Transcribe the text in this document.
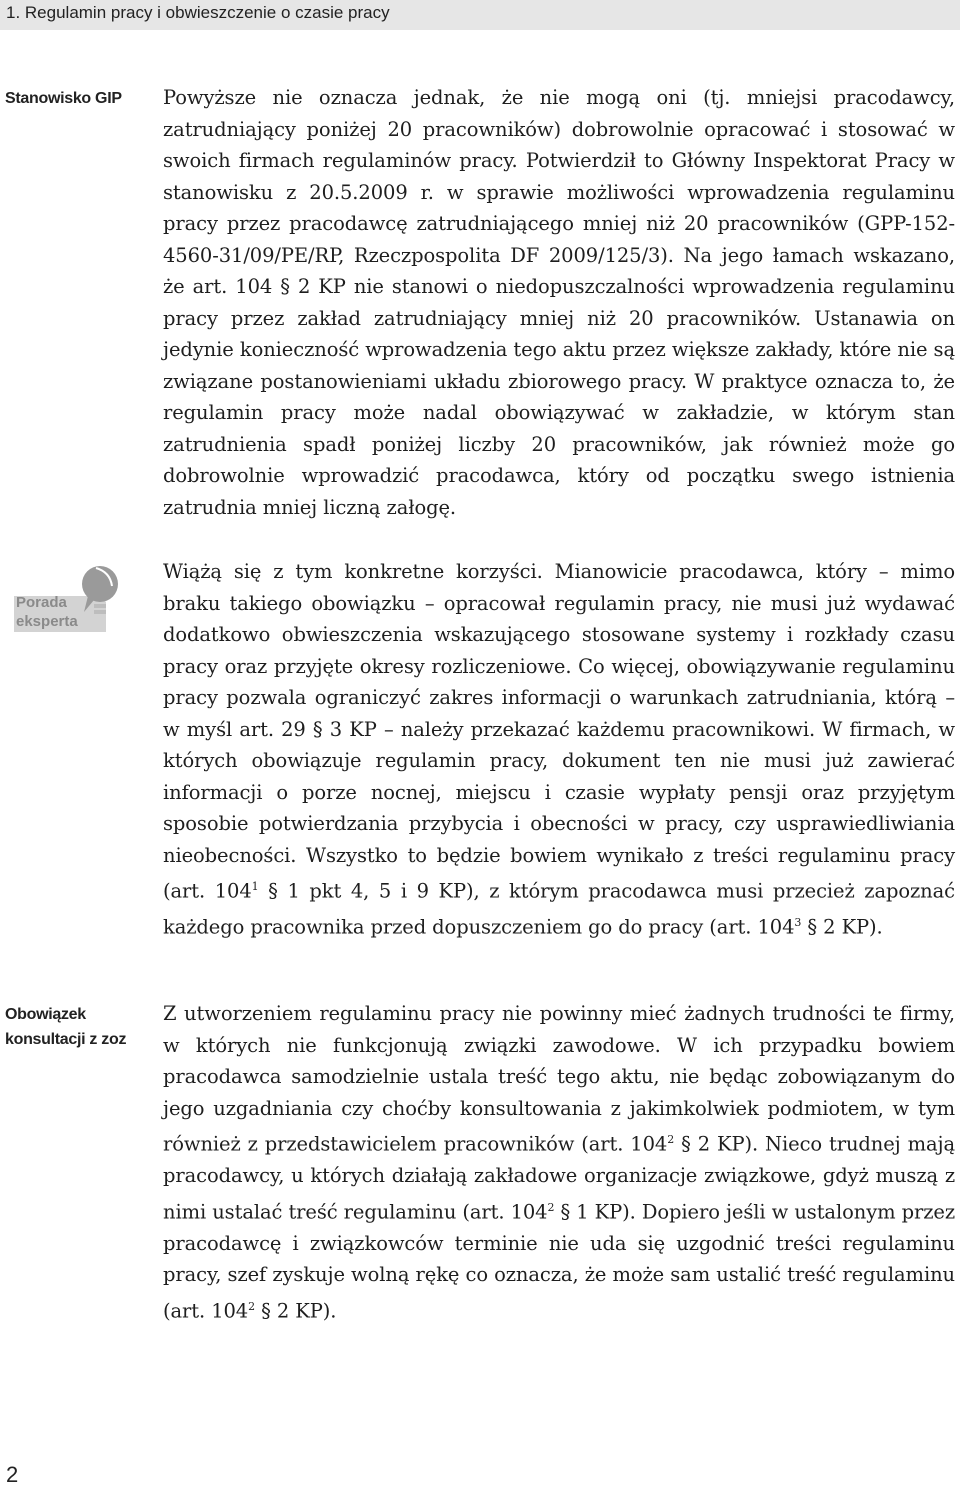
1. Regulamin pracy i obwieszczenie o czasie pracy
Stanowisko GIP
Porada
eksperta
Obowiązek
konsultacji z zoz

Powyższe nie oznacza jednak, że nie mogą oni (tj. mniejsi pracodawcy, zatrudniający poniżej 20 pracowników) dobrowolnie opracować i stosować w swoich firmach regulaminów pracy. Potwierdził to Główny Inspektorat Pracy w stanowisku z 20.5.2009 r. w sprawie możliwości wprowadzenia regulaminu pracy przez pracodawcę zatrudniającego mniej niż 20 pracowników (GPP-152-4560-31/09/PE/RP, Rzeczpospolita DF 2009/125/3). Na jego łamach wskazano, że art. 104 § 2 KP nie stanowi o niedopuszczalności wprowadzenia regulaminu pracy przez zakład zatrudniający mniej niż 20 pracowników. Ustanawia on jedynie konieczność wprowadzenia tego aktu przez większe zakłady, które nie są związane postanowieniami układu zbiorowego pracy. W praktyce oznacza to, że regulamin pracy może nadal obowiązywać w zakładzie, w którym stan zatrudnienia spadł poniżej liczby 20 pracowników, jak również może go dobrowolnie wprowadzić pracodawca, który od początku swego istnienia zatrudnia mniej liczną załogę.

Wiążą się z tym konkretne korzyści. Mianowicie pracodawca, który – mimo braku takiego obowiązku – opracował regulamin pracy, nie musi już wydawać dodatkowo obwieszczenia wskazującego stosowane systemy i rozkłady czasu pracy oraz przyjęte okresy rozliczeniowe. Co więcej, obowiązywanie regulaminu pracy pozwala ograniczyć zakres informacji o warunkach zatrudniania, którą – w myśl art. 29 § 3 KP – należy przekazać każdemu pracownikowi. W firmach, w których obowiązuje regulamin pracy, dokument ten nie musi już zawierać informacji o porze nocnej, miejscu i czasie wypłaty pensji oraz przyjętym sposobie potwierdzania przybycia i obecności w pracy, czy usprawiedliwiania nieobecności. Wszystko to będzie bowiem wynikało z treści regulaminu pracy (art. $104^1$ § 1 pkt 4, 5 i 9 KP), z którym pracodawca musi przecież zapoznać każdego pracownika przed dopuszczeniem go do pracy (art. $104^3$ § 2 KP).

Z utworzeniem regulaminu pracy nie powinny mieć żadnych trudności te firmy, w których nie funkcjonują związki zawodowe. W ich przypadku bowiem pracodawca samodzielnie ustala treść tego aktu, nie będąc zobowiązanym do jego uzgadniania czy choćby konsultowania z jakimkolwiek podmiotem, w tym również z przedstawicielem pracowników (art. $104^2$ § 2 KP). Nieco trudnej mają pracodawcy, u których działają zakładowe organizacje związkowe, gdyż muszą z nimi ustalać treść regulaminu (art. $104^2$ § 1 KP). Dopiero jeśli w ustalonym przez pracodawcę i związkowców terminie nie uda się uzgodnić treści regulaminu pracy, szef zyskuje wolną rękę co oznacza, że może sam ustalić treść regulaminu (art. $104^2$ § 2 KP).

2
